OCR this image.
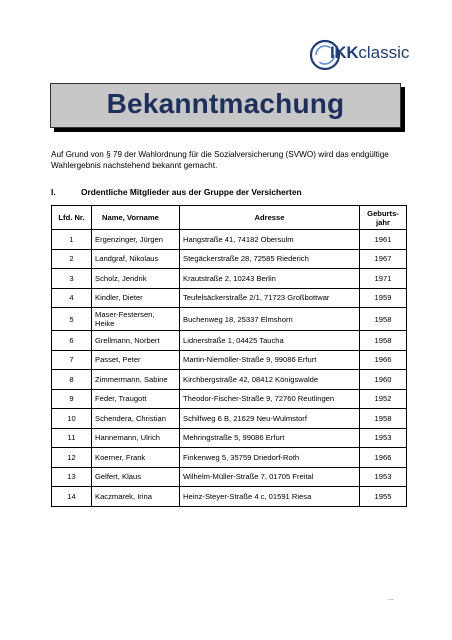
IKKclassic
Bekanntmachung
Auf Grund von § 79 der Wahlordnung für die Sozialversicherung (SVWO) wird das endgültige Wahlergebnis nachstehend bekannt gemacht.
I.	Ordentliche Mitglieder aus der Gruppe der Versicherten
Lfd. Nr.	Name, Vorname	Adresse	Geburts-jahr
1	Ergenzinger, Jürgen	Hangstraße 41, 74182 Obersulm	1961
2	Landgraf, Nikolaus	Stegäckerstraße 28, 72585 Riederich	1967
3	Scholz, Jendrik	Krautstraße 2, 10243 Berlin	1971
4	Kindler, Dieter	Teufelsäckerstraße 2/1, 71723 Großbottwar	1959
5	Maser-Festersen, Heike	Buchenweg 18, 25337 Elmshorn	1958
6	Grellmann, Norbert	Lidnerstraße 1, 04425 Taucha	1958
7	Passet, Peter	Martin-Niemöller-Straße 9, 99086 Erfurt	1966
8	Zimmermann, Sabine	Kirchbergstraße 42, 08412 Königswalde	1960
9	Feder, Traugott	Theodor-Fischer-Straße 9, 72760 Reutlingen	1952
10	Schendera, Christian	Schilfweg 6 B, 21629 Neu-Wulmstorf	1958
11	Hannemann, Ulrich	Mehringstraße 5, 99086 Erfurt	1953
12	Koerner, Frank	Finkenweg 5, 35759 Driedorf-Roth	1966
13	Gelfert, Klaus	Wilhelm-Müller-Straße 7, 01705 Freital	1953
14	Kaczmarek, Irina	Heinz-Steyer-Straße 4 c, 01591 Riesa	1955
...
